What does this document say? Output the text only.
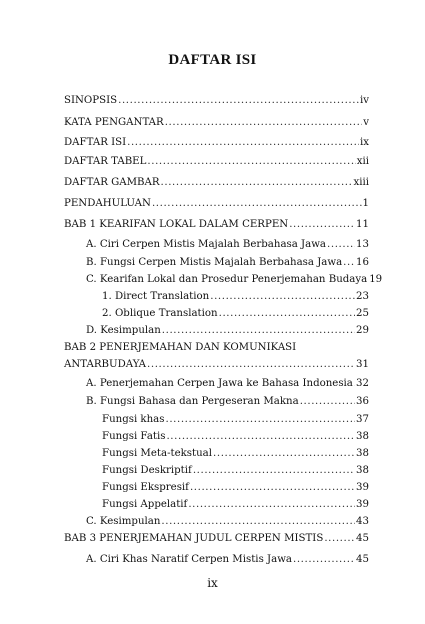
DAFTAR ISI
SINOPSIS .....	iv
KATA PENGANTAR .....	v
DAFTAR ISI .....	ix
DAFTAR TABEL .....	xii
DAFTAR GAMBAR .....	xiii
PENDAHULUAN .....	1
BAB 1 KEARIFAN LOKAL DALAM CERPEN .....	11
A. Ciri Cerpen Mistis Majalah Berbahasa Jawa .....	13
B. Fungsi Cerpen Mistis Majalah Berbahasa Jawa ..... 16
C. Kearifan Lokal dan Prosedur Penerjemahan Budaya 19
1. Direct Translation .....	23
2. Oblique Translation .....	25
D. Kesimpulan .....	29
BAB 2 PENERJEMAHAN DAN KOMUNIKASI
ANTARBUDAYA .....	31
A. Penerjemahan Cerpen Jawa ke Bahasa Indonesia ..... 32
B. Fungsi Bahasa dan Pergeseran Makna .....	36
Fungsi khas .....	37
Fungsi Fatis .....	38
Fungsi Meta-tekstual .....	38
Fungsi Deskriptif .....	38
Fungsi Ekspresif .....	39
Fungsi Appelatif .....	39
C. Kesimpulan .....	43
BAB 3 PENERJEMAHAN JUDUL CERPEN MISTIS .....	45
A. Ciri Khas Naratif Cerpen Mistis Jawa .....	45
ix
